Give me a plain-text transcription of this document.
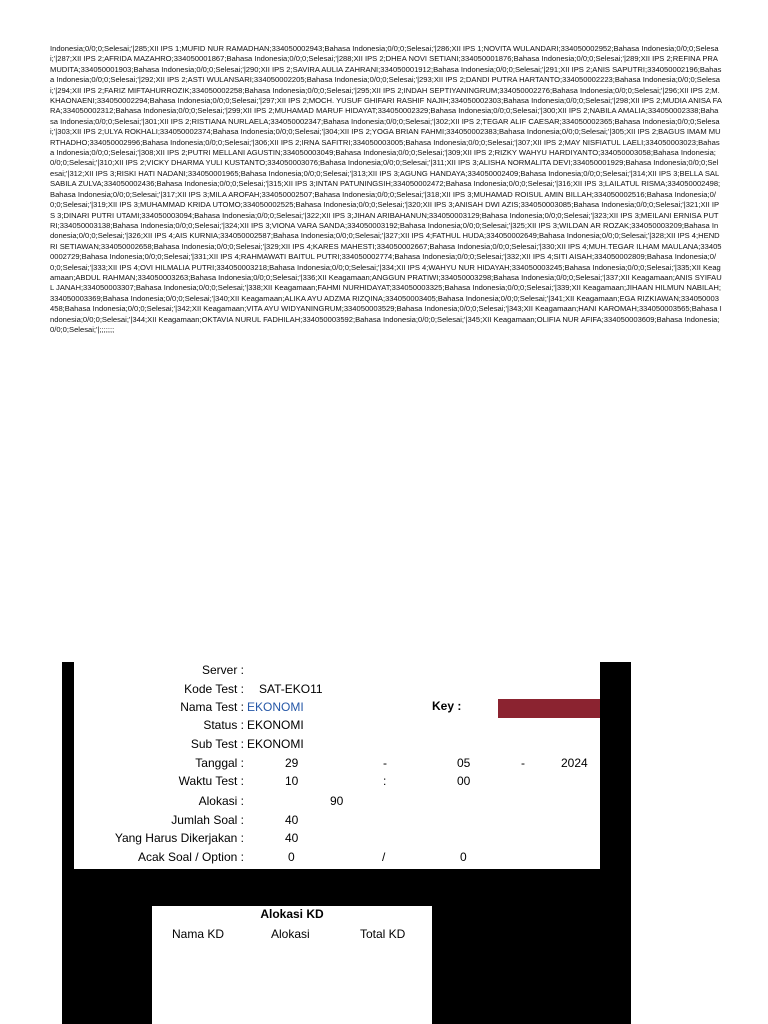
Indonesia;0/0;0;Selesai;'|285;XII IPS 1;MUFID NUR RAMADHAN;334050002943;Bahasa Indonesia;0/0;0;Selesai;'|286;XII IPS 1;NOVITA WULANDARI;334050002952;Bahasa Indonesia;0/0;0;Selesai;'|287;XII IPS 2;AFRIDA MAZAHRO;334050001867;Bahasa Indonesia;0/0;0;Selesai;'|288;XII IPS 2;DHEA NOVI SETIANI;334050001876;Bahasa Indonesia;0/0;0;Selesai;'|289;XII IPS 2;REFINA PRAMUDITA;334050001903;Bahasa Indonesia;0/0;0;Selesai;'|290;XII IPS 2;SAVIRA AULIA ZAHRANI;334050001912;Bahasa Indonesia;0/0;0;Selesai;'|291;XII IPS 2;ANIS SAPUTRI;334050002196;Bahasa Indonesia;0/0;0;Selesai;'|292;XII IPS 2;ASTI WULANSARI;334050002205;Bahasa Indonesia;0/0;0;Selesai;'|293;XII IPS 2;DANDI PUTRA HARTANTO;334050002223;Bahasa Indonesia;0/0;0;Selesai;'|294;XII IPS 2;FARIZ MIFTAHURROZIK;334050002258;Bahasa Indonesia;0/0;0;Selesai;'|295;XII IPS 2;INDAH SEPTIYANINGRUM;334050002276;Bahasa Indonesia;0/0;0;Selesai;'|296;XII IPS 2;M. KHAONAENI;334050002294;Bahasa Indonesia;0/0;0;Selesai;'|297;XII IPS 2;MOCH. YUSUF GHIFARI RASHIF NAJIH;334050002303;Bahasa Indonesia;0/0;0;Selesai;'|298;XII IPS 2;MUDIA ANISA FARA;334050002312;Bahasa Indonesia;0/0;0;Selesai;'|299;XII IPS 2;MUHAMAD MARUF HIDAYAT;334050002329;Bahasa Indonesia;0/0;0;Selesai;'|300;XII IPS 2;NABILA AMALIA;334050002338;Bahasa Indonesia;0/0;0;Selesai;'|301;XII IPS 2;RISTIANA NURLAELA;334050002347;Bahasa Indonesia;0/0;0;Selesai;'|302;XII IPS 2;TEGAR ALIF CAESAR;334050002365;Bahasa Indonesia;0/0;0;Selesai;'|303;XII IPS 2;ULYA ROKHALI;334050002374;Bahasa Indonesia;0/0;0;Selesai;'|304;XII IPS 2;YOGA BRIAN FAHMI;334050002383;Bahasa Indonesia;0/0;0;Selesai;'|305;XII IPS 2;BAGUS IMAM MURTHADHO;334050002996;Bahasa Indonesia;0/0;0;Selesai;'|306;XII IPS 2;IRNA SAFITRI;334050003005;Bahasa Indonesia;0/0;0;Selesai;'|307;XII IPS 2;MAY NISFIATUL LAELI;334050003023;Bahasa Indonesia;0/0;0;Selesai;'|308;XII IPS 2;PUTRI MELLANI AGUSTIN;334050003049;Bahasa Indonesia;0/0;0;Selesai;'|309;XII IPS 2;RIZKY WAHYU HARDIYANTO;334050003058;Bahasa Indonesia;0/0;0;Selesai;'|310;XII IPS 2;VICKY DHARMA YULI KUSTANTO;334050003076;Bahasa Indonesia;0/0;0;Selesai;'|311;XII IPS 3;ALISHA NORMALITA DEVI;334050001929;Bahasa Indonesia;0/0;0;Selesai;'|312;XII IPS 3;RISKI HATI NADANI;334050001965;Bahasa Indonesia;0/0;0;Selesai;'|313;XII IPS 3;AGUNG HANDAYA;334050002409;Bahasa Indonesia;0/0;0;Selesai;'|314;XII IPS 3;BELLA SALSABILA ZULVA;334050002436;Bahasa Indonesia;0/0;0;Selesai;'|315;XII IPS 3;INTAN PATUNINGSIH;334050002472;Bahasa Indonesia;0/0;0;Selesai;'|316;XII IPS 3;LAILATUL RISMA;334050002498;Bahasa Indonesia;0/0;0;Selesai;'|317;XII IPS 3;MILA AROFAH;334050002507;Bahasa Indonesia;0/0;0;Selesai;'|318;XII IPS 3;MUHAMAD ROISUL AMIN BILLAH;334050002516;Bahasa Indonesia;0/0;0;Selesai;'|319;XII IPS 3;MUHAMMAD KRIDA UTOMO;334050002525;Bahasa Indonesia;0/0;0;Selesai;'|320;XII IPS 3;ANISAH DWI AZIS;334050003085;Bahasa Indonesia;0/0;0;Selesai;'|321;XII IPS 3;DINARI PUTRI UTAMI;334050003094;Bahasa Indonesia;0/0;0;Selesai;'|322;XII IPS 3;JIHAN ARIBAHANUN;334050003129;Bahasa Indonesia;0/0;0;Selesai;'|323;XII IPS 3;MEILANI ERNISA PUTRI;334050003138;Bahasa Indonesia;0/0;0;Selesai;'|324;XII IPS 3;VIONA VARA SANDA;334050003192;Bahasa Indonesia;0/0;0;Selesai;'|325;XII IPS 3;WILDAN AR ROZAK;334050003209;Bahasa Indonesia;0/0;0;Selesai;'|326;XII IPS 4;AIS KURNIA;334050002587;Bahasa Indonesia;0/0;0;Selesai;'|327;XII IPS 4;FATHUL HUDA;334050002649;Bahasa Indonesia;0/0;0;Selesai;'|328;XII IPS 4;HENDRI SETIAWAN;334050002658;Bahasa Indonesia;0/0;0;Selesai;'|329;XII IPS 4;KARES MAHESTI;334050002667;Bahasa Indonesia;0/0;0;Selesai;'|330;XII IPS 4;MUH.TEGAR ILHAM MAULANA;334050002729;Bahasa Indonesia;0/0;0;Selesai;'|331;XII IPS 4;RAHMAWATI BAITUL PUTRI;334050002774;Bahasa Indonesia;0/0;0;Selesai;'|332;XII IPS 4;SITI AISAH;334050002809;Bahasa Indonesia;0/0;0;Selesai;'|333;XII IPS 4;OVI HILMALIA PUTRI;334050003218;Bahasa Indonesia;0/0;0;Selesai;'|334;XII IPS 4;WAHYU NUR HIDAYAH;334050003245;Bahasa Indonesia;0/0;0;Selesai;'|335;XII Keagamaan;ABDUL RAHMAN;334050003263;Bahasa Indonesia;0/0;0;Selesai;'|336;XII Keagamaan;ANGGUN PRATIWI;334050003298;Bahasa Indonesia;0/0;0;Selesai;'|337;XII Keagamaan;ANIS SYIFAUL JANAH;334050003307;Bahasa Indonesia;0/0;0;Selesai;'|338;XII Keagamaan;FAHMI NURHIDAYAT;334050003325;Bahasa Indonesia;0/0;0;Selesai;'|339;XII Keagamaan;JIHAAN HILMUN NABILAH;334050003369;Bahasa Indonesia;0/0;0;Selesai;'|340;XII Keagamaan;ALIKA AYU ADZMA RIZQINA;334050003405;Bahasa Indonesia;0/0;0;Selesai;'|341;XII Keagamaan;EGA RIZKIAWAN;334050003458;Bahasa Indonesia;0/0;0;Selesai;'|342;XII Keagamaan;VITA AYU WIDYANINGRUM;334050003529;Bahasa Indonesia;0/0;0;Selesai;'|343;XII Keagamaan;HANI KAROMAH;334050003565;Bahasa Indonesia;0/0;0;Selesai;'|344;XII Keagamaan;OKTAVIA NURUL FADHILAH;334050003592;Bahasa Indonesia;0/0;0;Selesai;'|345;XII Keagamaan;OLIFIA NUR AFIFA;334050003609;Bahasa Indonesia;0/0;0;Selesai;'|;;;;;;;
Server :
Kode Test : SAT-EKO11
Nama Test : EKONOMI	Key :
Status : EKONOMI
Sub Test : EKONOMI
Tanggal :	29	-	05	-	2024
Waktu Test :	10	:	00
Alokasi :	90
Jumlah Soal :	40
Yang Harus Dikerjakan :	40
Acak Soal / Option :	0	/	0
Alokasi KD
Nama KD	Alokasi	Total KD
